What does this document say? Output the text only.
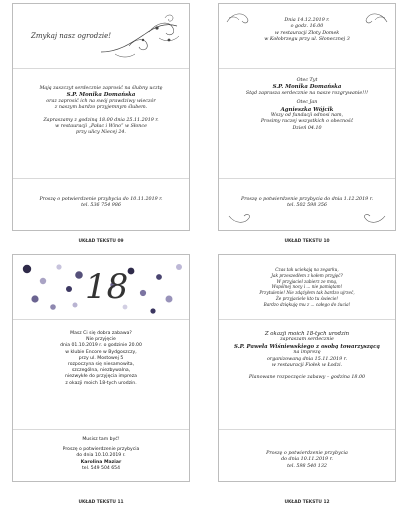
Zmykaj nasz ogrodzie!
Mają zaszczyt serdecznie zaprosić na ślubny ucztę
S.P. Monika Domańska
oraz zaprosić ich na swój prawdziwy wieczór
z naszym bardzo przyjemnym ślubem.
Zapraszamy z godziną 18.00 dnia 25.11.2019 r.
w restauracji „Pałac i Wino” w Słonce
przy ulicy Niecej 24.
Proszę o potwierdzenie przybycia do 10.11.2019 r.
tel. 536 754 986
UKŁAD TEKSTU 09
Dnia 14.12.2019 r.
o godz. 16.00
w restauracji Złoty Domek
w Kołobrzegu przy ul. Słonecznej 3
Otec Tyt
S.P. Monika Domańska
Stąd zaprasza serdecznie na nasze rozgrywanie!!!
Otec Jan
Agnieszka Wójcik
Wszy od fundacji odnosi nam,
Prosimy raczej wszystkich o obecność
Dzień 04.10
Proszę o potwierdzenie przybycia do dnia 1.12.2019 r.
tel. 502 598 356
UKŁAD TEKSTU 10
18
Masz Ci się dobra zabawa?
Nie przyjęcie
dnia 01.10.2019 r. o godzinie 20.00
w klubie Encore w Bydgoszczy,
przy ul. Mostowej 5
rozpoczyna się niesamowita,
szczególna, niezbywalna,
niezwykłe do przyjęcia impreza
z okazji moich 18-tych urodzin.
Musisz tam być!
Proszę o potwierdzenie przybycia
do dnia 10.10.2019 r.
Karolina Maziar
tel. 549 504 654
UKŁAD TEKSTU 11
Czas tak uciekają na zegarku,
Jak przeszedłem z kołem przyjęć?
W przyjaciel zabierz ze mną,
Wspólnej nocy i ... nie pamiętam!
Przytulenie! Nie zdążyłem tak bardzo ujrzeć,
Że przyjaciele kto tu świecie!
Bardzo dziękuję mu z ... całego do żucia!
Z okazji moich 18-tych urodzin
zapraszam serdecznie
S.P. Paweła Wiśniewskiego z osobą towarzyszącą
na imprezę
organizowaną dnia 15.11.2019 r.
w restauracji Fiołek w Łodzi.
Planowane rozpoczęcie zabawy – godzina 18.00
Proszę o potwierdzenie przybycia
do dnia 10.11.2019 r.
tel. 598 540 132
UKŁAD TEKSTU 12
